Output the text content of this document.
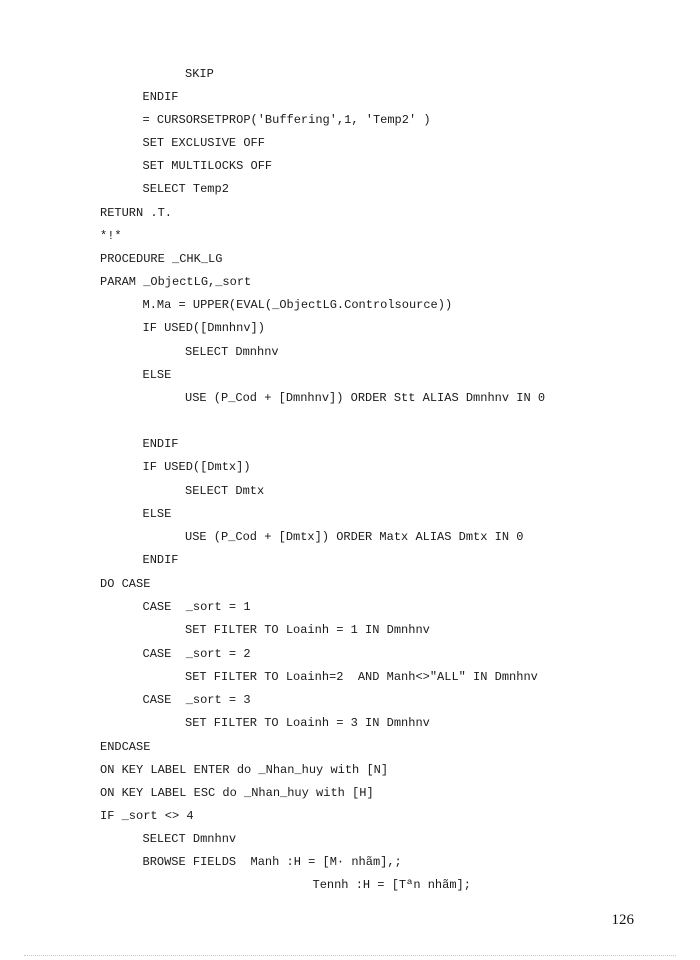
SKIP
ENDIF
= CURSORSETPROP('Buffering',1, 'Temp2' )
SET EXCLUSIVE OFF
SET MULTILOCKS OFF
SELECT Temp2
RETURN .T.
*!*
PROCEDURE _CHK_LG
PARAM _ObjectLG,_sort
M.Ma = UPPER(EVAL(_ObjectLG.Controlsource))
IF USED([Dmnhnv])
SELECT Dmnhnv
ELSE
USE (P_Cod + [Dmnhnv]) ORDER Stt ALIAS Dmnhnv IN 0
ENDIF
IF USED([Dmtx])
SELECT Dmtx
ELSE
USE (P_Cod + [Dmtx]) ORDER Matx ALIAS Dmtx IN 0
ENDIF
DO CASE
CASE  _sort = 1
SET FILTER TO Loainh = 1 IN Dmnhnv
CASE  _sort = 2
SET FILTER TO Loainh=2  AND Manh<>"ALL" IN Dmnhnv
CASE  _sort = 3
SET FILTER TO Loainh = 3 IN Dmnhnv
ENDCASE
ON KEY LABEL ENTER do _Nhan_huy with [N]
ON KEY LABEL ESC do _Nhan_huy with [H]
IF _sort <> 4
SELECT Dmnhnv
BROWSE FIELDS  Manh :H = [M· nhãm],;
Tennh :H = [Tªn nhãm];
126
